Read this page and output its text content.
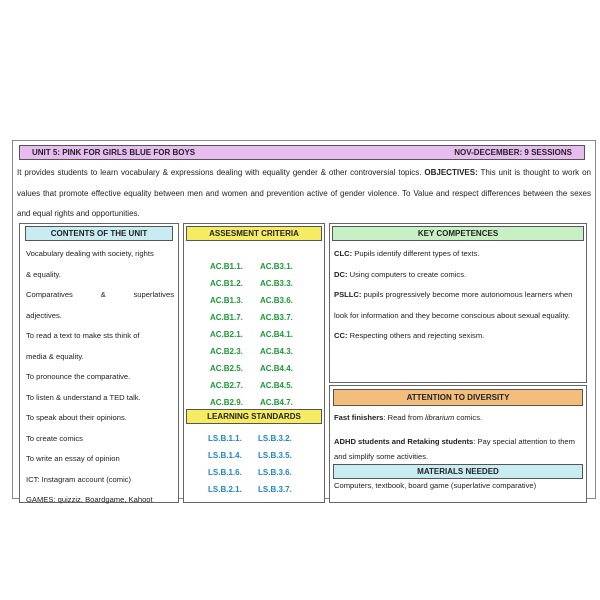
UNIT 5: PINK FOR GIRLS BLUE FOR BOYS	NOV-DECEMBER: 9 SESSIONS
It provides students to learn vocabulary & expressions dealing with equality gender & other controversial topics. OBJECTIVES: This unit is thought to work on values that promote effective equality between men and women and prevention active of gender violence. To Value and respect differences between the sexes and equal rights and opportunities.
CONTENTS OF THE UNIT
Vocabulary dealing with society, rights
& equality.
Comparatives	&	superlatives
adjectives.
To read a text to make sts think of
media & equality.
To pronounce the comparative.
To listen & understand a TED talk.
To speak about their opinions.
To create comics
To write an essay of opinion
ICT: Instagram account (comic)
GAMES: quizziz, Boardgame, Kahoot
ASSESMENT CRITERIA
AC.B1.1.	AC.B3.1.
AC.B1.2.	AC.B3.3.
AC.B1.3.	AC.B3.6.
AC.B1.7.	AC.B3.7.
AC.B2.1.	AC.B4.1.
AC.B2.3.	AC.B4.3.
AC.B2.5.	AC.B4.4.
AC.B2.7.	AC.B4.5.
AC.B2.9.	AC.B4.7.
LEARNING STANDARDS
LS.B.1.1.	LS.B.3.2.
LS.B.1.4.	LS.B.3.5.
LS.B.1.6.	LS.B.3.6.
LS.B.2.1.	LS.B.3.7.
KEY COMPETENCES
CLC: Pupils identify different types of texts.
DC: Using computers to create comics.
PSLLC: pupils progressively become more autonomous learners when look for information and they become conscious about sexual equality.
CC: Respecting others and rejecting sexism.
ATTENTION TO DIVERSITY
Fast finishers: Read from librarium comics.
ADHD students and Retaking students: Pay special attention to them and simplify some activities.
MATERIALS NEEDED
Computers, textbook, board game (superlative comparative)
